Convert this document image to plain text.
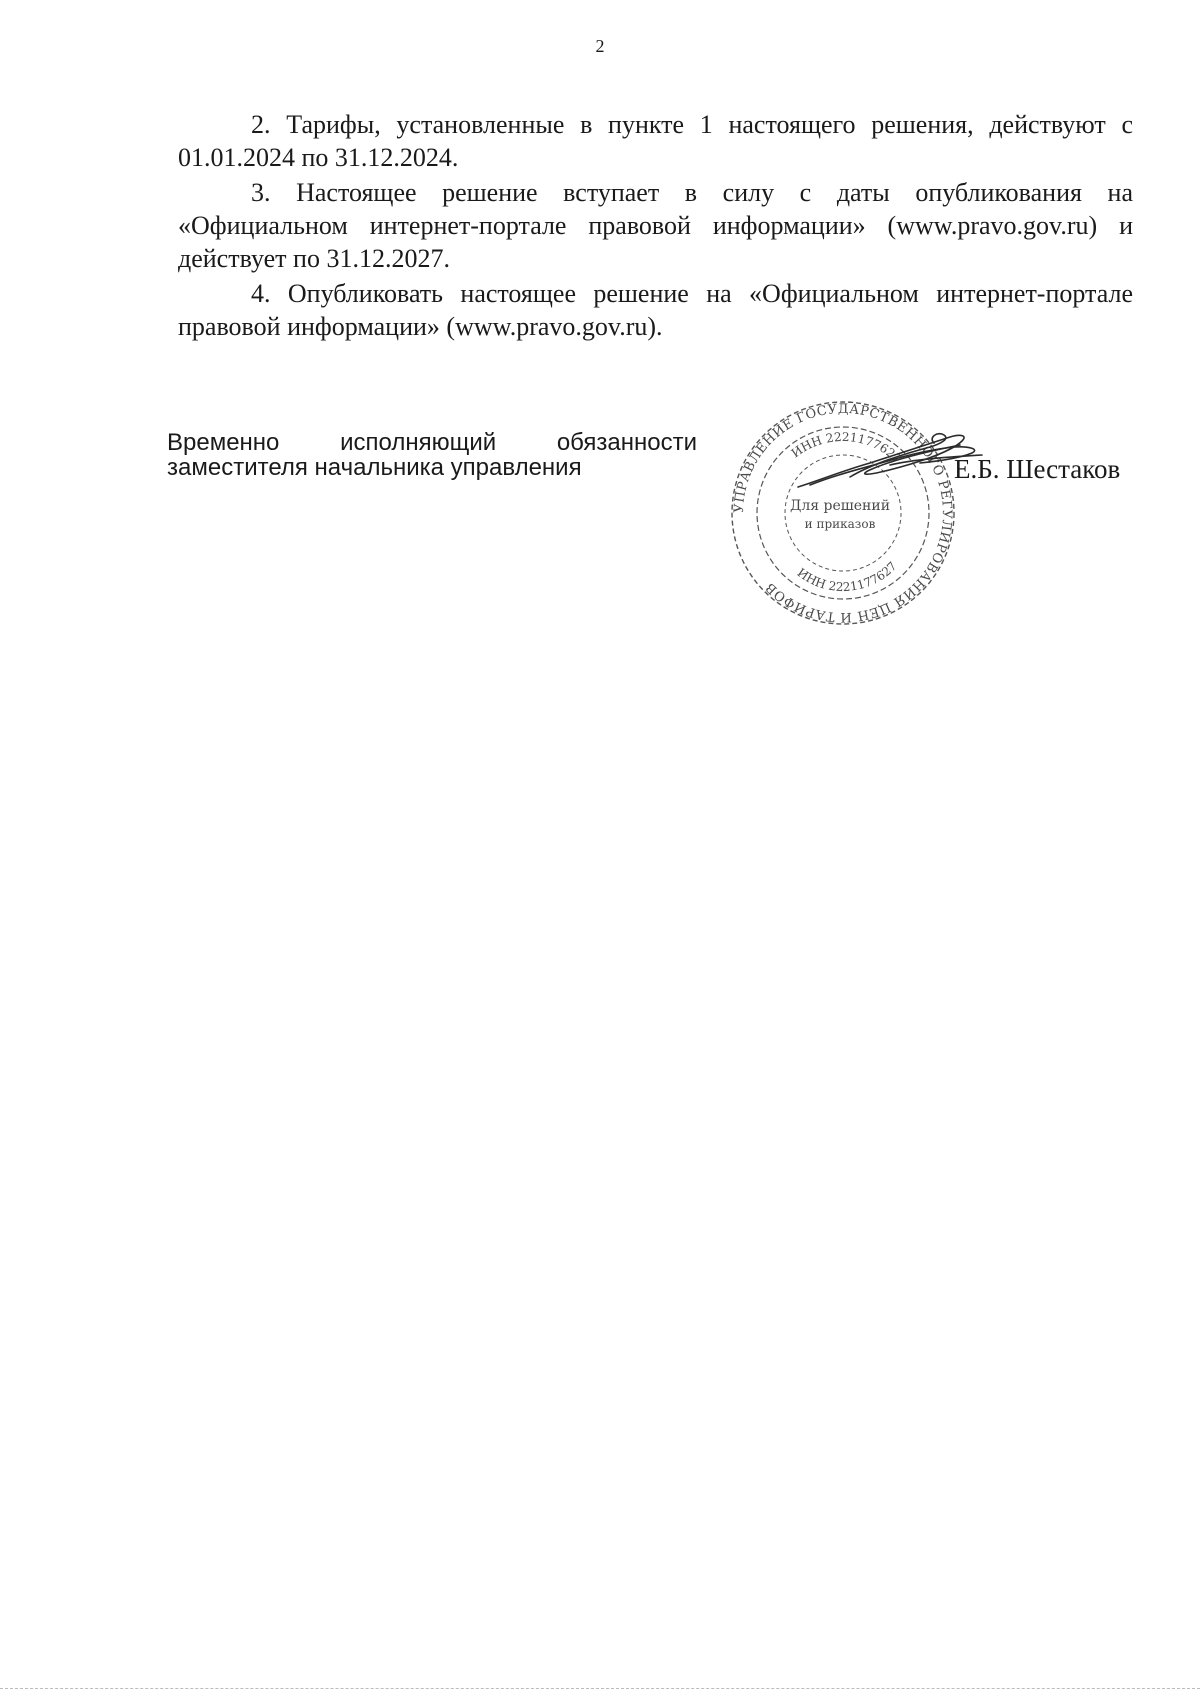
2

2. Тарифы, установленные в пункте 1 настоящего решения, действуют с 01.01.2024 по 31.12.2024.

3. Настоящее решение вступает в силу с даты опубликования на «Официальном интернет-портале правовой информации» (www.pravo.gov.ru) и действует по 31.12.2027.

4. Опубликовать настоящее решение на «Официальном интернет-портале правовой информации» (www.pravo.gov.ru).

Временно исполняющий обязанности
заместителя начальника управления
УПРАВЛЕНИЕ ГОСУДАРСТВЕННОГО РЕГУЛИРОВАНИЯ ЦЕН И ТАРИФОВ
ИНН 2221177627
ИНН 2221177627
Для решений
и приказов
Е.Б. Шестаков
